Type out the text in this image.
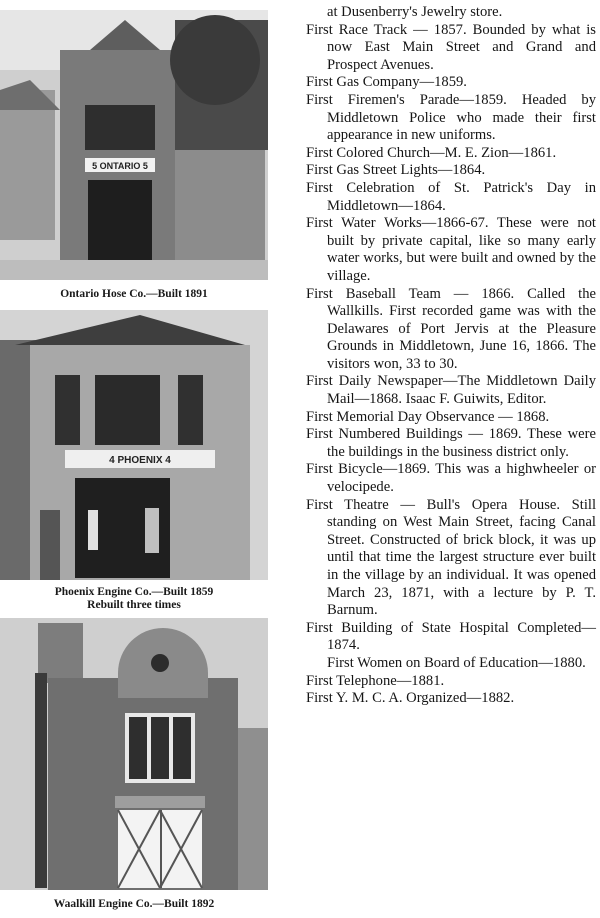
5 ONTARIO 5
Ontario Hose Co.—Built 1891
4 PHOENIX 4
Phoenix Engine Co.—Built 1859
Rebuilt three times
Waalkill Engine Co.—Built 1892

at Dusenberry's Jewelry store.

First Race Track — 1857. Bounded by what is now East Main Street and Grand and Prospect Avenues.

First Gas Company—1859.

First Firemen's Parade—1859. Headed by Middletown Police who made their first appearance in new uniforms.

First Colored Church—M. E. Zion—1861.

First Gas Street Lights—1864.

First Celebration of St. Patrick's Day in Middletown—1864.

First Water Works—1866-67. These were not built by private capital, like so many early water works, but were built and owned by the village.

First Baseball Team — 1866. Called the Wallkills. First recorded game was with the Delawares of Port Jervis at the Pleasure Grounds in Middletown, June 16, 1866. The visitors won, 33 to 30.

First Daily Newspaper—The Middletown Daily Mail—1868. Isaac F. Guiwits, Editor.

First Memorial Day Observance — 1868.

First Numbered Buildings — 1869. These were the buildings in the business district only.

First Bicycle—1869. This was a highwheeler or velocipede.

First Theatre — Bull's Opera House. Still standing on West Main Street, facing Canal Street. Constructed of brick block, it was up until that time the largest structure ever built in the village by an individual. It was opened March 23, 1871, with a lecture by P. T. Barnum.

First Building of State Hospital Completed—1874.

First Women on Board of Education—1880.

First Telephone—1881.

First Y. M. C. A. Organized—1882.
